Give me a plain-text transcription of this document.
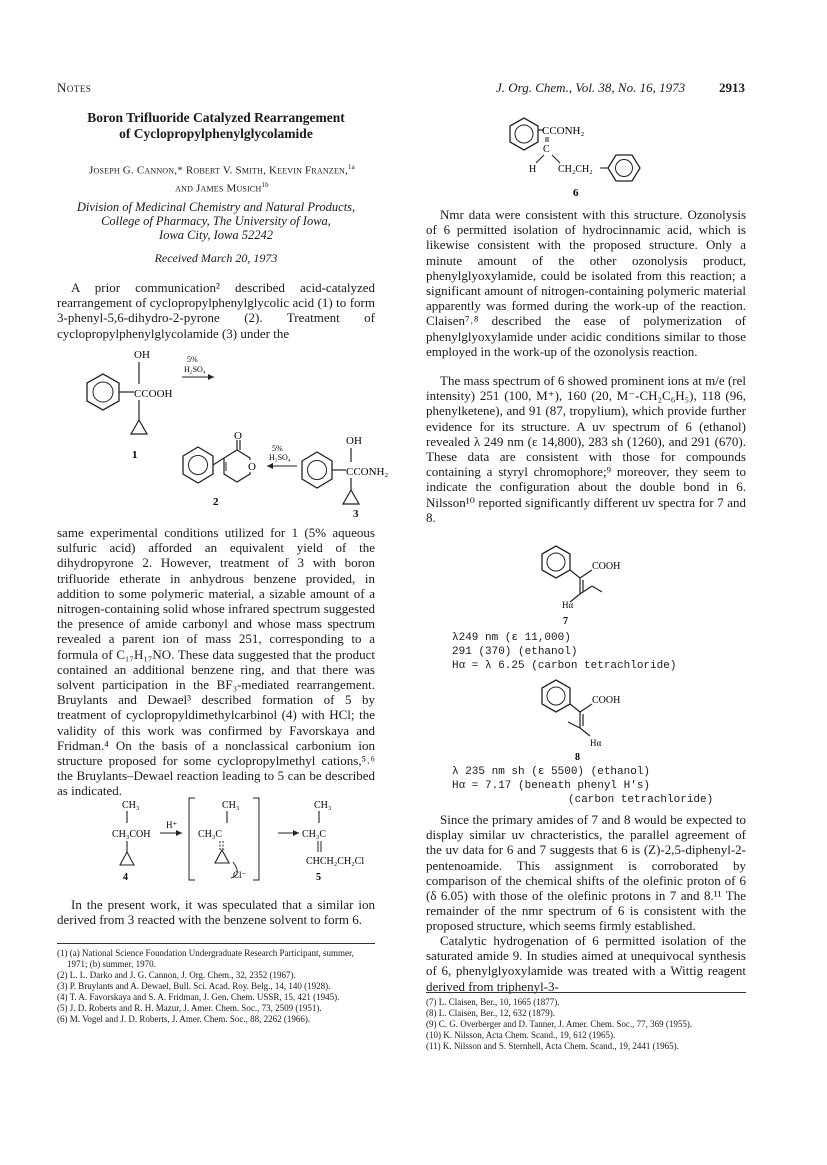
Notes	J. Org. Chem., Vol. 38, No. 16, 1973	2913
Boron Trifluoride Catalyzed Rearrangement
of Cyclopropylphenylglycolamide
Joseph G. Cannon,* Robert V. Smith, Keevin Franzen,$^{1a}$
and James Musich$^{1b}$
Division of Medicinal Chemistry and Natural Products,
College of Pharmacy, The University of Iowa,
Iowa City, Iowa 52242
Received March 20, 1973

A prior communication² described acid-catalyzed rearrangement of cyclopropylphenylglycolic acid (1) to form 3-phenyl-5,6-dihydro-2-pyrone (2). Treatment of cyclopropylphenylglycolamide (3) under the

OH
CCOOH
5%
H₂SO₄
1
O
O
2
5%
H₂SO₄
OH
CCONH₂
3

same experimental conditions utilized for 1 (5% aqueous sulfuric acid) afforded an equivalent yield of the dihydropyrone 2. However, treatment of 3 with boron trifluoride etherate in anhydrous benzene provided, in addition to some polymeric material, a sizable amount of a nitrogen-containing solid whose infrared spectrum suggested the presence of amide carbonyl and whose mass spectrum revealed a parent ion of mass 251, corresponding to a formula of C₁₇H₁₇NO. These data suggested that the product contained an additional benzene ring, and that there was solvent participation in the BF₃-mediated rearrangement. Bruylants and Dewael³ described formation of 5 by treatment of cyclopropyldimethylcarbinol (4) with HCl; the validity of this work was confirmed by Favorskaya and Fridman.⁴ On the basis of a nonclassical carbonium ion structure proposed for some cyclopropylmethyl cations,⁵˒⁶ the Bruylants–Dewael reaction leading to 5 can be described as indicated.

CH₃
CH₃COH
4
H⁺
CH₃
CH₃C
Cl⁻
CH₃
CH₃C
CHCH₂CH₂Cl
5

In the present work, it was speculated that a similar ion derived from 3 reacted with the benzene solvent to form 6.

(1) (a) National Science Foundation Undergraduate Research Participant, summer, 1971; (b) summer, 1970.
(2) L. L. Darko and J. G. Cannon, J. Org. Chem., 32, 2352 (1967).
(3) P. Bruylants and A. Dewael, Bull. Sci. Acad. Roy. Belg., 14, 140 (1928).
(4) T. A. Favorskaya and S. A. Fridman, J. Gen. Chem. USSR, 15, 421 (1945).
(5) J. D. Roberts and R. H. Mazur, J. Amer. Chem. Soc., 73, 2509 (1951).
(6) M. Vogel and J. D. Roberts, J. Amer. Chem. Soc., 88, 2262 (1966).
CCONH₂
C
H CH₂CH₂
6

Nmr data were consistent with this structure. Ozonolysis of 6 permitted isolation of hydrocinnamic acid, which is likewise consistent with the proposed structure. Only a minute amount of the other ozonolysis product, phenylglyoxylamide, could be isolated from this reaction; a significant amount of nitrogen-containing polymeric material apparently was formed during the work-up of the reaction. Claisen⁷˒⁸ described the ease of polymerization of phenylglyoxylamide under acidic conditions similar to those employed in the work-up of the ozonolysis reaction.

The mass spectrum of 6 showed prominent ions at m/e (rel intensity) 251 (100, M⁺), 160 (20, M⁻-CH₂C₆H₅), 118 (96, phenylketene), and 91 (87, tropylium), which provide further evidence for its structure. A uv spectrum of 6 (ethanol) revealed λ 249 nm (ε 14,800), 283 sh (1260), and 291 (670). These data are consistent with those for compounds containing a styryl chromophore;⁹ moreover, they seem to indicate the configuration about the double bond in 6. Nilsson¹⁰ reported significantly different uv spectra for 7 and 8.

COOH
Hα
7
λ249 nm (ε 11,000)
291 (370) (ethanol)
Hα = λ 6.25 (carbon tetrachloride)
COOH
Hα
8
λ 235 nm sh (ε 5500) (ethanol)
Hα = 7.17 (beneath phenyl H's)
(carbon tetrachloride)

Since the primary amides of 7 and 8 would be expected to display similar uv chracteristics, the parallel agreement of the uv data for 6 and 7 suggests that 6 is (Z)-2,5-diphenyl-2-pentenoamide. This assignment is corroborated by comparison of the chemical shifts of the olefinic proton of 6 (δ 6.05) with those of the olefinic protons in 7 and 8.¹¹ The remainder of the nmr spectrum of 6 is consistent with the proposed structure, which seems firmly established.

Catalytic hydrogenation of 6 permitted isolation of the saturated amide 9. In studies aimed at unequivocal synthesis of 6, phenylglyoxylamide was treated with a Wittig reagent derived from triphenyl-3-

(7) L. Claisen, Ber., 10, 1665 (1877).
(8) L. Claisen, Ber., 12, 632 (1879).
(9) C. G. Overberger and D. Tanner, J. Amer. Chem. Soc., 77, 369 (1955).
(10) K. Nilsson, Acta Chem. Scand., 19, 612 (1965).
(11) K. Nilsson and S. Sternhell, Acta Chem. Scand., 19, 2441 (1965).
